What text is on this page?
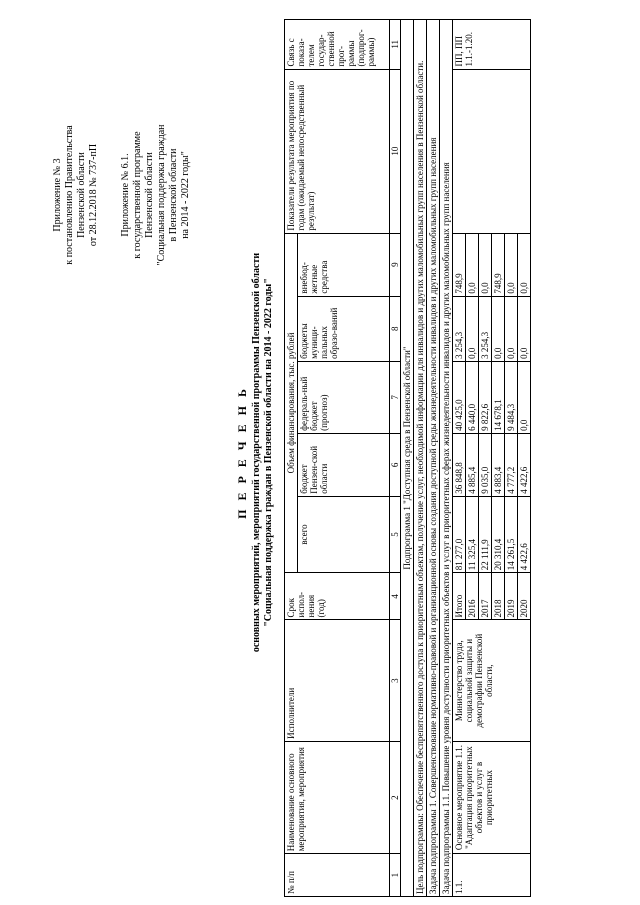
Приложение № 3 к постановлению Правительства Пензенской области от 28.12.2018 № 737-пП Приложение № 6.1. к государственной программе Пензенской области "Социальная поддержка граждан в Пензенской области на 2014 - 2022 годы"
П Е Р Е Ч Е Н Ь основных мероприятий, мероприятий государственной программы Пензенской области "Социальная поддержка граждан в Пензенской области на 2014 - 2022 годы"
№ п/п	Наименование основного мероприятия, мероприятия	Исполнители	Срок испол-нения (год)	Объем финансирования, тыс. рублей					Показатели результата мероприятия по годам (ожидаемый непосредственный результат)	Связь с показа-телем государ-ственной прог-раммы (подпрог-раммы)
				всего	бюджет Пензен-ской области	федераль-ный бюджет (прогноз)	бюджеты муници-пальных образо-ваний	внебюд-жетные средства		
1	2	3	4	5	6	7	8	9	10	11
Подпрограмма 1 "Доступная среда в Пензенской области"										
Цель подпрограммы: Обеспечение беспрепятственного доступа к приоритетным объектам, получение услуг, необходимой информации для инвалидов и других маломобильных групп населения в Пензенской области.										
Задача подпрограммы 1. Совершенствование нормативно-правовой и организационной основы создания доступной среды жизнедеятельности инвалидов и других маломобильных групп населения										
Задача подпрограммы 1.1. Повышение уровня доступности приоритетных объектов и услуг в приоритетных сферах жизнедеятельности инвалидов и других маломобильных групп населения										
1.1.	Основное мероприятие 1.1. "Адаптация приоритетных объектов и услуг в приоритетных	Министерство труда, социальной защиты и демографии Пензенской области,	Итого	81 277,0	36 848,8	40 425,0	3 254,3	748,9		ПП, ПП 1.1.-1.20.
			2016	11 325,4	4 885,4	6 440,0	0,0	0,0		
			2017	22 111,9	9 035,0	9 822,6	3 254,3	0,0		
			2018	20 310,4	4 883,4	14 678,1	0,0	748,9		
			2019	14 261,5	4 777,2	9 484,3	0,0	0,0		
			2020	4 422,6	4 422,6	0,0	0,0	0,0		
